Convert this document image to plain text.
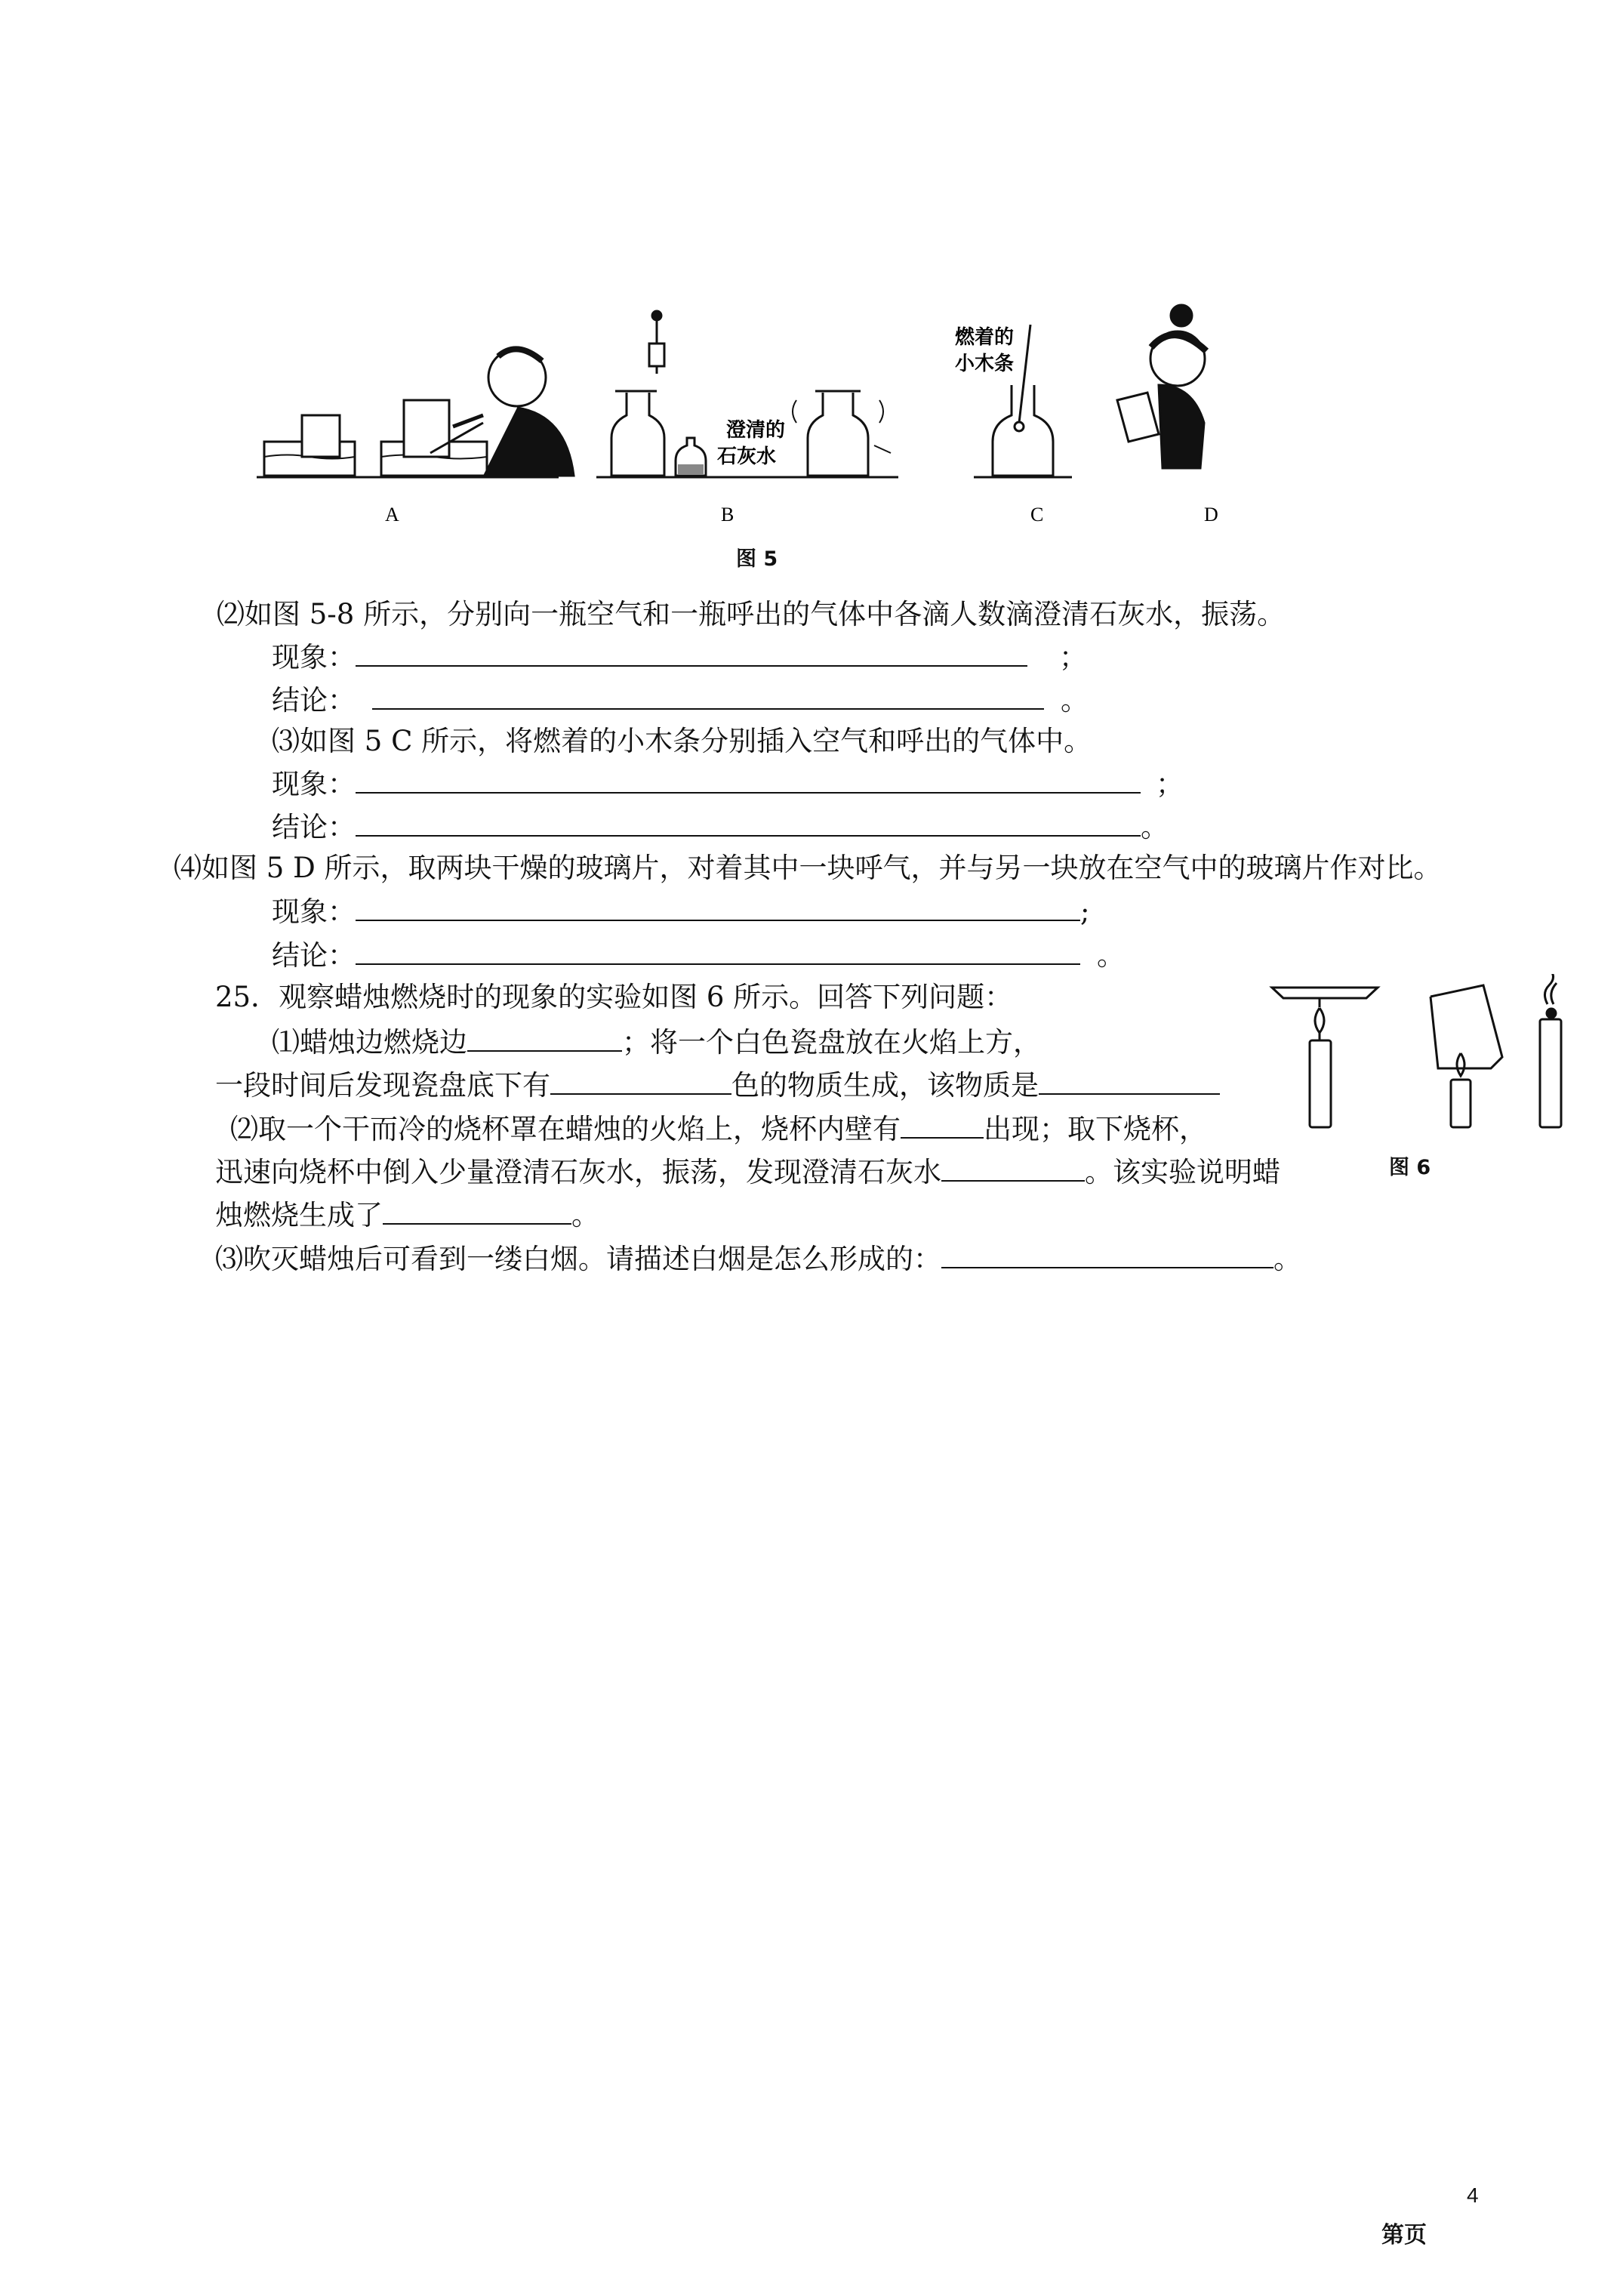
澄清的
石灰水
燃着的
小木条
A	B	C	D
图 5
⑵如图 5-8 所示，分别向一瓶空气和一瓶呼出的气体中各滴人数滴澄清石灰水，振荡。
现象：	；
结论：	。
⑶如图 5 C 所示，将燃着的小木条分别插入空气和呼出的气体中。
现象：	；
结论：	。
⑷如图 5 D 所示，取两块干燥的玻璃片，对着其中一块呼气，并与另一块放在空气中的玻璃片作对比。
现象：	;
结论：	。
25．观察蜡烛燃烧时的现象的实验如图 6 所示。回答下列问题：
⑴蜡烛边燃烧边	；将一个白色瓷盘放在火焰上方，
一段时间后发现瓷盘底下有	色的物质生成，该物质是
⑵取一个干而冷的烧杯罩在蜡烛的火焰上，烧杯内壁有	出现；取下烧杯，
迅速向烧杯中倒入少量澄清石灰水，振荡，发现澄清石灰水	。该实验说明蜡
烛燃烧生成了	。
⑶吹灭蜡烛后可看到一缕白烟。请描述白烟是怎么形成的：	。
图 6
4
第页
